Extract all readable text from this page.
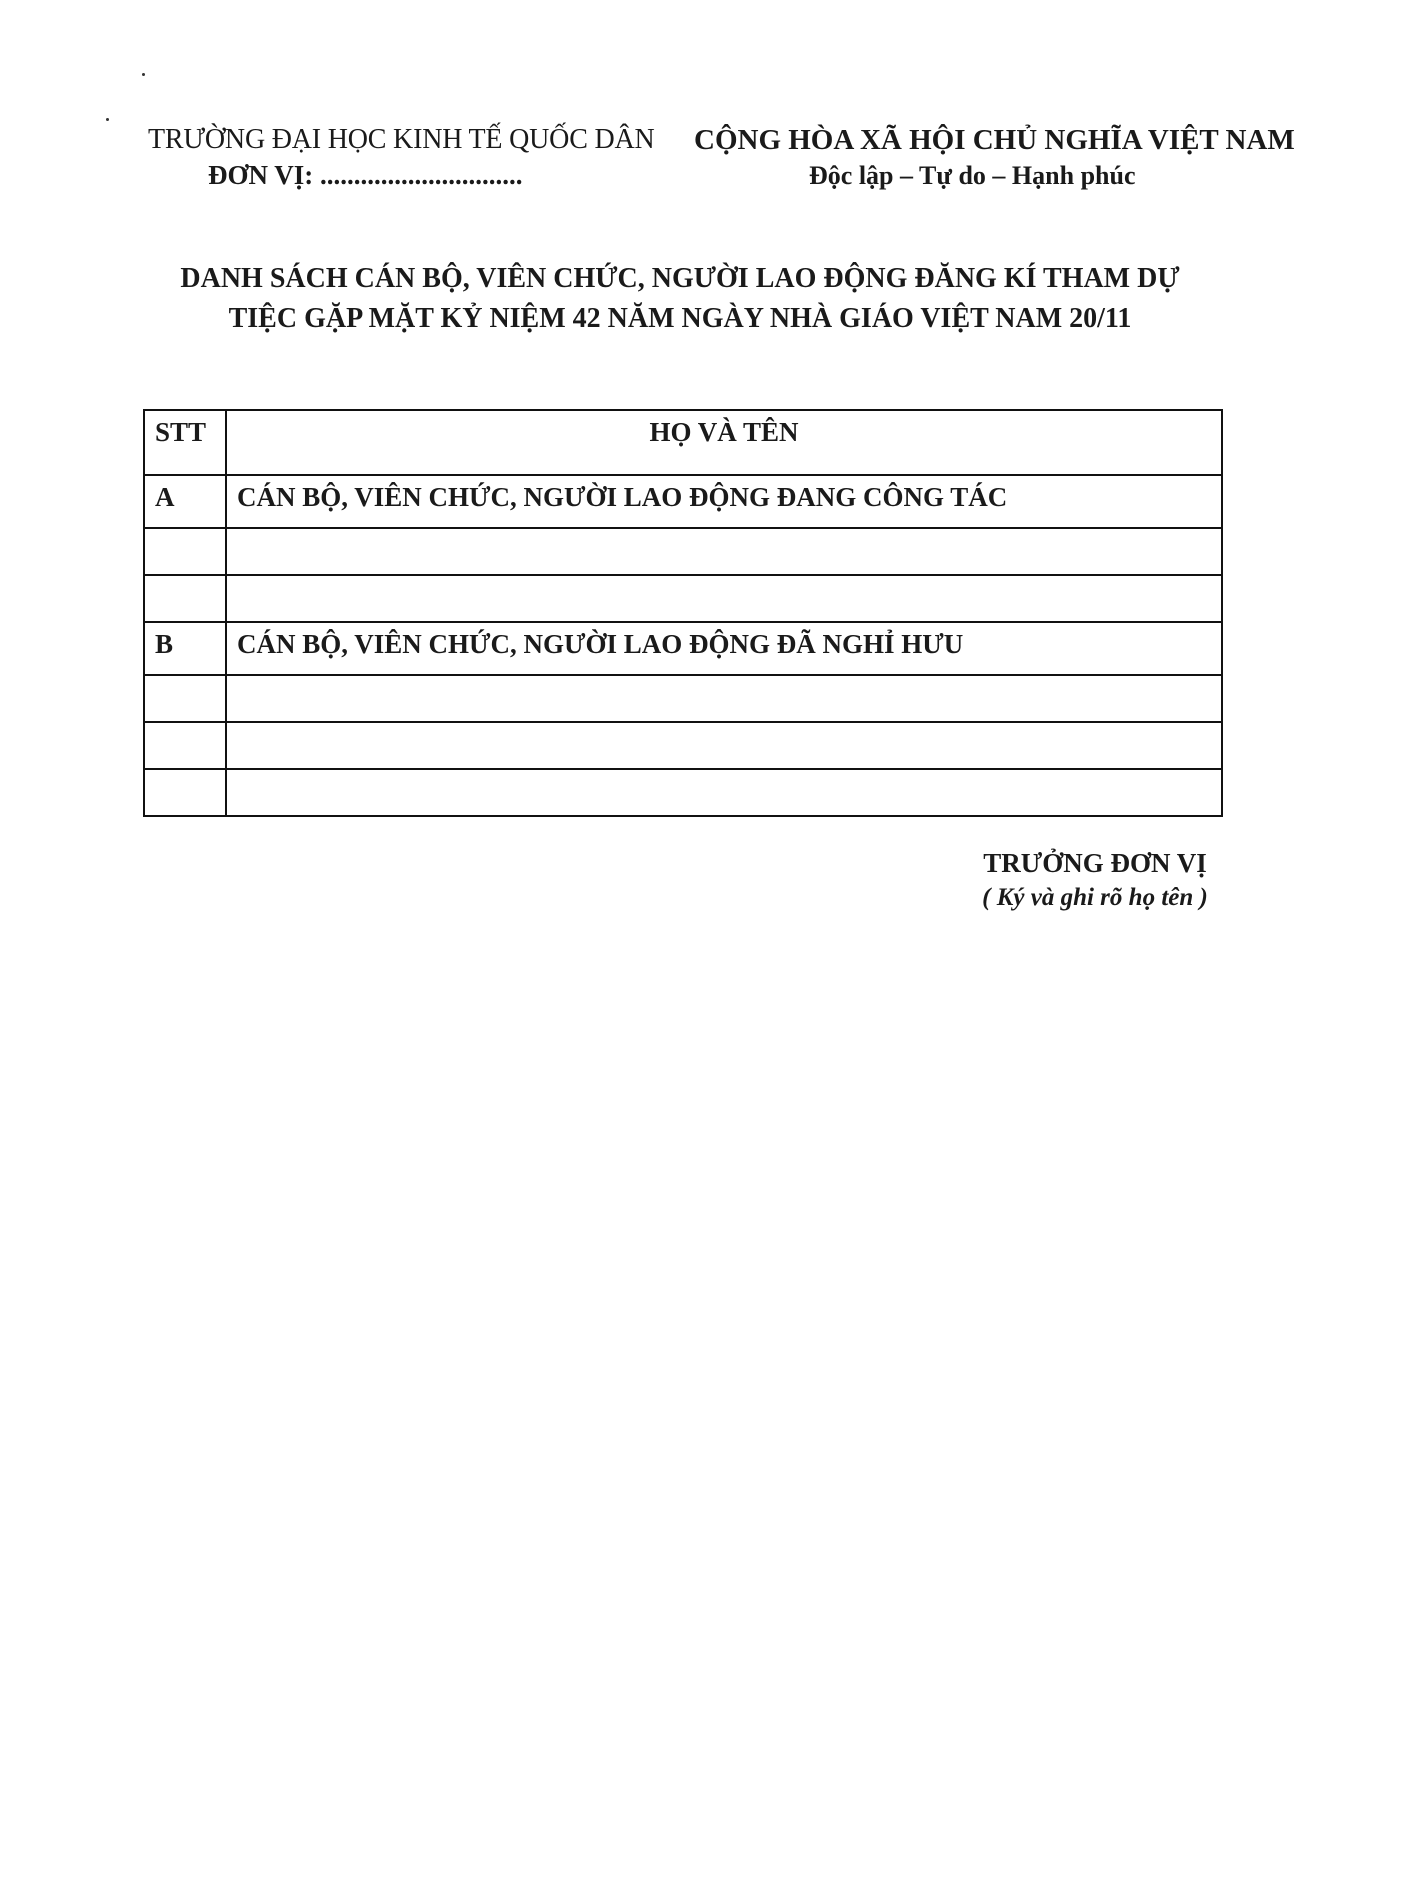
TRƯỜNG ĐẠI HỌC KINH TẾ QUỐC DÂN
ĐƠN VỊ: ..............................
CỘNG HÒA XÃ HỘI CHỦ NGHĨA VIỆT NAM
Độc lập – Tự do – Hạnh phúc
DANH SÁCH CÁN BỘ, VIÊN CHỨC, NGƯỜI LAO ĐỘNG ĐĂNG KÍ THAM DỰ
TIỆC GẶP MẶT KỶ NIỆM 42 NĂM NGÀY NHÀ GIÁO VIỆT NAM 20/11
STT	HỌ VÀ TÊN
A	CÁN BỘ, VIÊN CHỨC, NGƯỜI LAO ĐỘNG ĐANG CÔNG TÁC

B	CÁN BỘ, VIÊN CHỨC, NGƯỜI LAO ĐỘNG ĐÃ NGHỈ HƯU

TRƯỞNG ĐƠN VỊ
( Ký và ghi rõ họ tên )
